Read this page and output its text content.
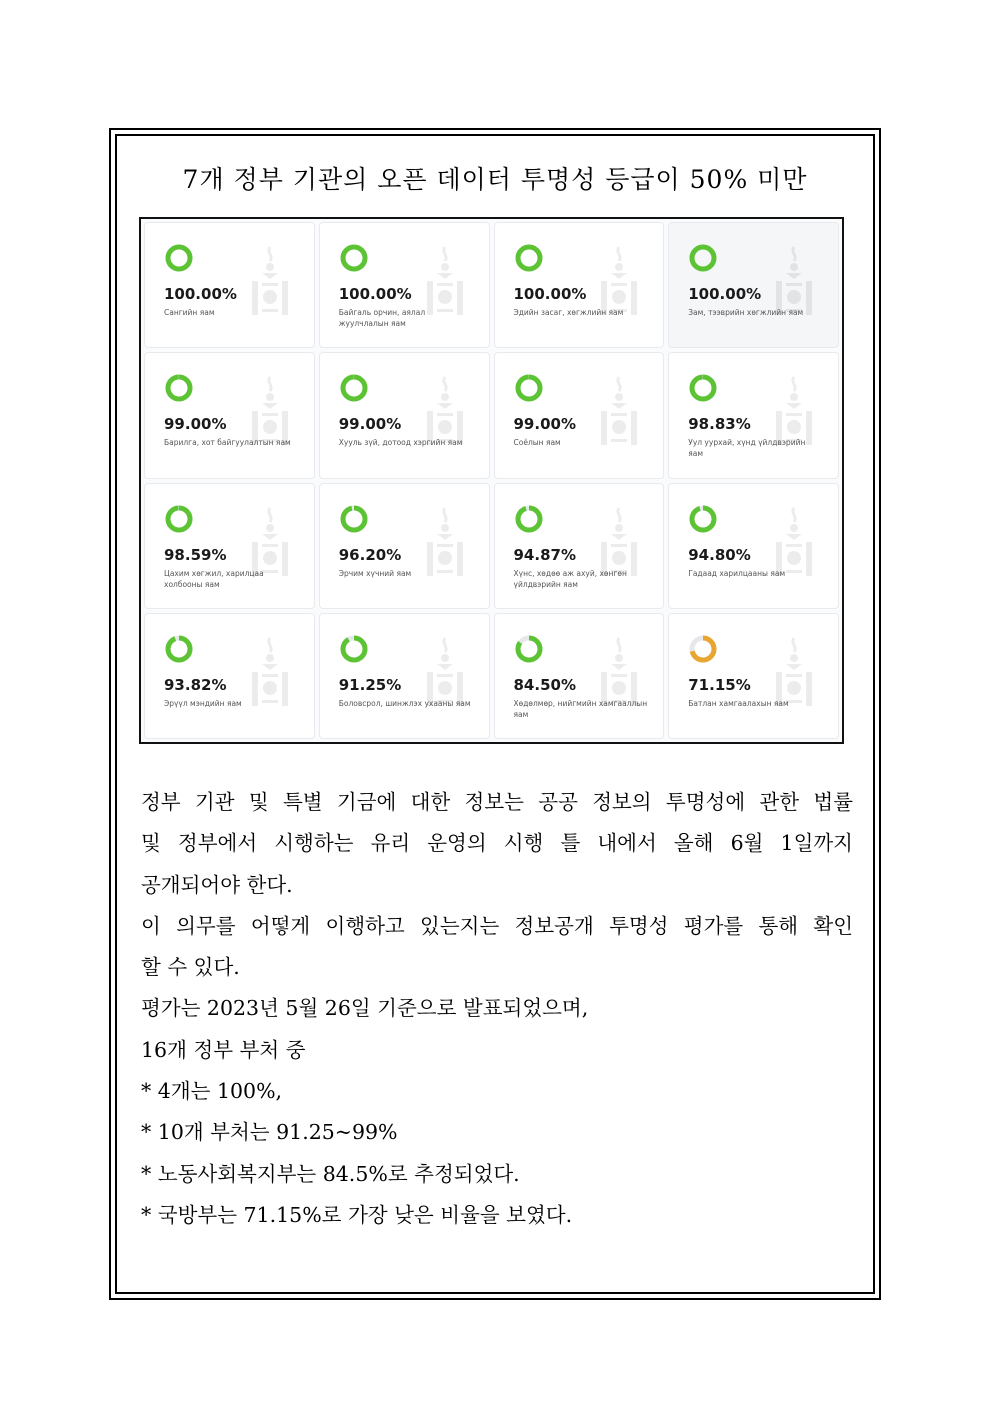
7개 정부 기관의 오픈 데이터 투명성 등급이 50% 미만
100.00%
Сангийн яам
100.00%
Байгаль орчин, аялал жуулчлалын яам
100.00%
Эдийн засаг, хөгжлийн яам
100.00%
Зам, тээврийн хөгжлийн яам
99.00%
Барилга, хот байгуулалтын яам
99.00%
Хууль зүй, дотоод хэргийн яам
99.00%
Соёлын яам
98.83%
Уул уурхай, хүнд үйлдвэрийн яам
98.59%
Цахим хөгжил, харилцаа холбооны яам
96.20%
Эрчим хүчний яам
94.87%
Хүнс, хөдөө аж ахуй, хөнгөн үйлдвэрийн яам
94.80%
Гадаад харилцааны яам
93.82%
Эрүүл мэндийн яам
91.25%
Боловсрол, шинжлэх ухааны яам
84.50%
Хөдөлмөр, нийгмийн хамгааллын яам
71.15%
Батлан хамгаалахын яам

정부 기관 및 특별 기금에 대한 정보는 공공 정보의 투명성에 관한 법률

및 정부에서 시행하는 유리 운영의 시행 틀 내에서 올해 6월 1일까지

공개되어야 한다.

이 의무를 어떻게 이행하고 있는지는 정보공개 투명성 평가를 통해 확인

할 수 있다.

평가는 2023년 5월 26일 기준으로 발표되었으며,

16개 정부 부처 중

* 4개는 100%,

* 10개 부처는 91.25~99%

* 노동사회복지부는 84.5%로 추정되었다.

* 국방부는 71.15%로 가장 낮은 비율을 보였다.
